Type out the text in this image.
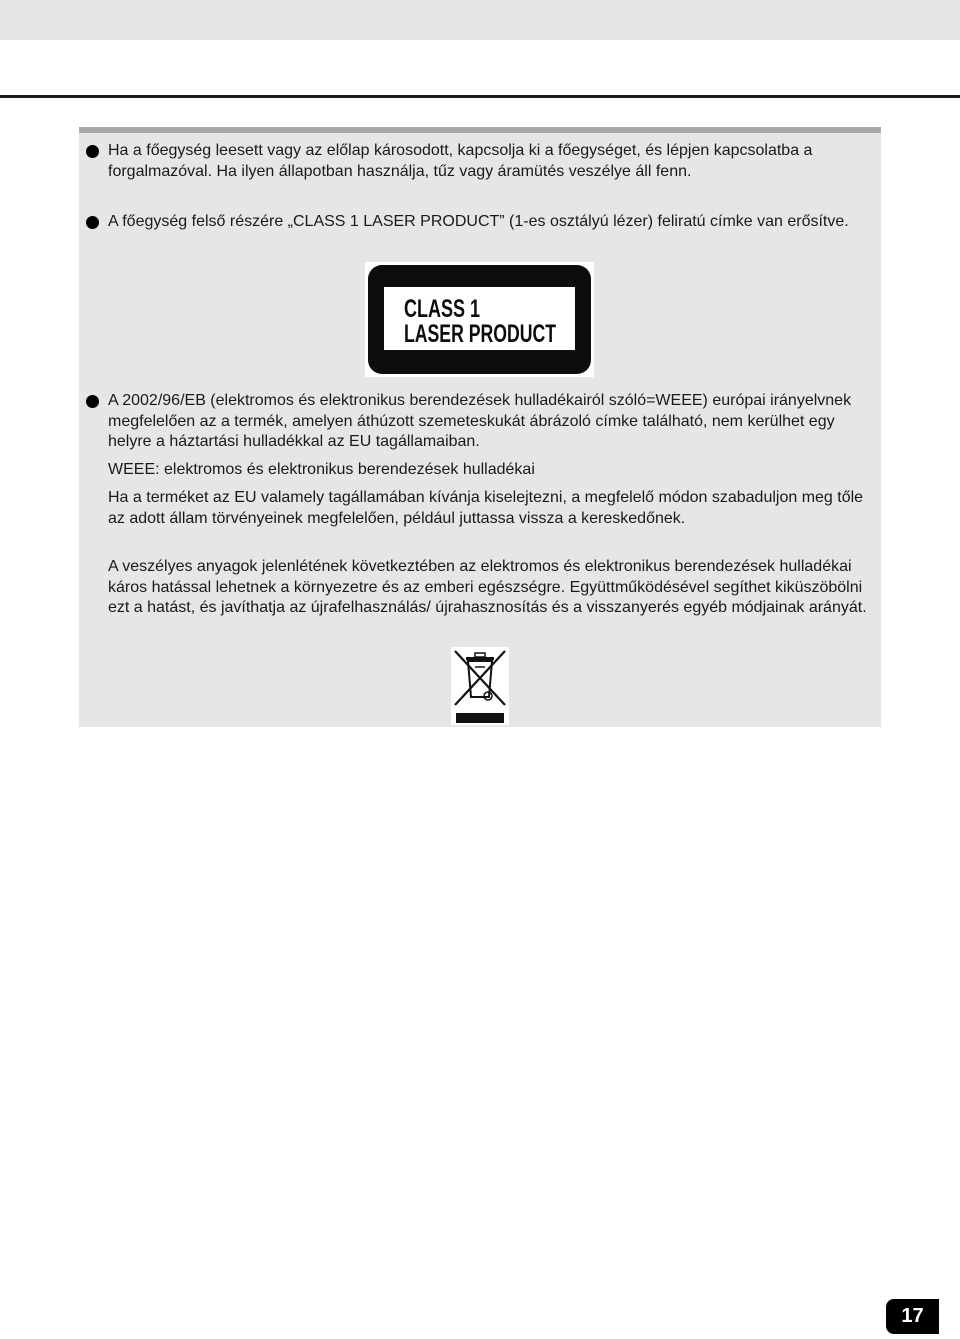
Ha a főegység leesett vagy az előlap károsodott, kapcsolja ki a főegységet, és lépjen kapcsolatba a forgalmazóval. Ha ilyen állapotban használja, tűz vagy áramütés veszélye áll fenn.

A főegység felső részére „CLASS 1 LASER PRODUCT” (1-es osztályú lézer) feliratú címke van erősítve.

CLASS 1
LASER PRODUCT

A 2002/96/EB (elektromos és elektronikus berendezések hulladékairól szóló=WEEE) európai irányelvnek megfelelően az a termék, amelyen áthúzott szemeteskukát ábrázoló címke található, nem kerülhet egy helyre a háztartási hulladékkal az EU tagállamaiban.

WEEE: elektromos és elektronikus berendezések hulladékai

Ha a terméket az EU valamely tagállamában kívánja kiselejtezni, a megfelelő módon szabaduljon meg tőle az adott állam törvényeinek megfelelően, például juttassa vissza a kereskedőnek.

A veszélyes anyagok jelenlétének következtében az elektromos és elektronikus berendezések hulladékai káros hatással lehetnek a környezetre és az emberi egészségre. Együttműködésével segíthet kiküszöbölni ezt a hatást, és javíthatja az újrafelhasználás/ újrahasznosítás és a visszanyerés egyéb módjainak arányát.

17
